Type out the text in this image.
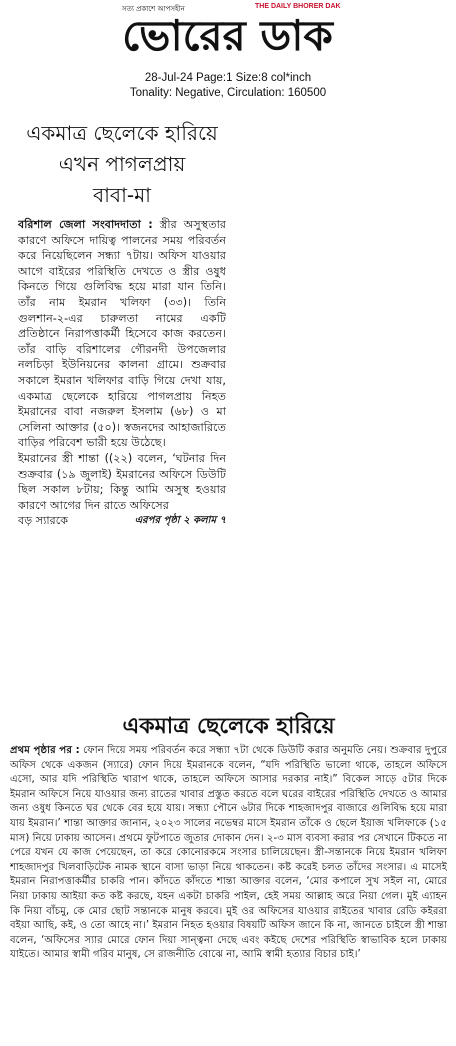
সত্য প্রকাশে আপসহীন	THE DAILY BHORER DAK
ভোরের ডাক
28-Jul-24 Page:1 Size:8 col*inch
Tonality: Negative, Circulation: 160500
একমাত্র ছেলেকে হারিয়ে
এখন পাগলপ্রায়
বাবা-মা

বরিশাল জেলা সংবাদদাতা : স্ত্রীর অসুস্থতার কারণে অফিসে দায়িত্ব পালনের সময় পরিবর্তন করে নিয়েছিলেন সন্ধ্যা ৭টায়। অফিস যাওয়ার আগে বাইরের পরিস্থিতি দেখতে ও স্ত্রীর ওষুধ কিনতে গিয়ে গুলিবিদ্ধ হয়ে মারা যান তিনি। তাঁর নাম ইমরান খলিফা (৩৩)। তিনি গুলশান-২-এর চারুলতা নামের একটি প্রতিষ্ঠানে নিরাপত্তাকর্মী হিসেবে কাজ করতেন। তাঁর বাড়ি বরিশালের গৌরনদী উপজেলার নলচিড়া ইউনিয়নের কালনা গ্রামে। শুক্রবার সকালে ইমরান খলিফার বাড়ি গিয়ে দেখা যায়, একমাত্র ছেলেকে হারিয়ে পাগলপ্রায় নিহত ইমরানের বাবা নজরুল ইসলাম (৬৮) ও মা সেলিনা আক্তার (৫০)। স্বজনদের আহাজারিতে বাড়ির পরিবেশ ভারী হয়ে উঠেছে।

ইমরানের স্ত্রী শান্তা ((২২) বলেন, ‘ঘটনার দিন শুক্রবার (১৯ জুলাই) ইমরানের অফিসে ডিউটি ছিল সকাল ৮টায়; কিন্তু আমি অসুস্থ হওয়ার কারণে আগের দিন রাতে অফিসের

বড় স্যারকে	এরপর পৃষ্ঠা ২ কলাম ৭
একমাত্র ছেলেকে হারিয়ে
প্রথম পৃষ্ঠার পর : ফোন দিয়ে সময় পরিবর্তন করে সন্ধ্যা ৭টা থেকে ডিউটি করার অনুমতি নেয়। শুক্রবার দুপুরে অফিস থেকে একজন (স্যারে) ফোন দিয়ে ইমরানকে বলেন, “যদি পরিস্থিতি ভালো থাকে, তাহলে অফিসে এসো, আর যদি পরিস্থিতি খারাপ থাকে, তাহলে অফিসে আসার দরকার নাই।” বিকেল সাড়ে ৫টার দিকে ইমরান অফিসে নিয়ে যাওয়ার জন্য রাতের খাবার প্রস্তুত করতে বলে ঘরের বাইরের পরিস্থিতি দেখতে ও আমার জন্য ওষুধ কিনতে ঘর থেকে বের হয়ে যায়। সন্ধ্যা পৌনে ৬টার দিকে শাহজাদপুর বাজারে গুলিবিদ্ধ হয়ে মারা যায় ইমরান।’ শান্তা আক্তার জানান, ২০২৩ সালের নভেম্বর মাসে ইমরান তাঁকে ও ছেলে ইয়াজ খলিফাকে (১৫ মাস) নিয়ে ঢাকায় আসেন। প্রথমে ফুটপাতে জুতার দোকান দেন। ২-৩ মাস ব্যবসা করার পর সেখানে টিকতে না পেরে যখন যে কাজ পেয়েছেন, তা করে কোনোরকমে সংসার চালিয়েছেন। স্ত্রী-সন্তানকে নিয়ে ইমরান খলিফা শাহজাদপুর খিলবাড়িটেক নামক স্থানে বাসা ভাড়া নিয়ে থাকতেন। কষ্ট করেই চলত তাঁদের সংসার। এ মাসেই ইমরান নিরাপত্তাকর্মীর চাকরি পান। কাঁদতে কাঁদতে শান্তা আক্তার বলেন, ‘মোর কপালে সুখ সইল না, মোরে নিয়া ঢাকায় আইয়া কত কষ্ট করছে, যহন একটা চাকরি পাইল, হেই সময় আল্লাহ অরে নিয়া গেল। মুই এ্যাহন কি নিয়া বাঁচমু, কে মোর ছোট সন্তানকে মানুষ করবে। মুই ওর অফিসের যাওয়ার রাইতের খাবার রেডি কইররা বইয়া আছি, কই, ও তো আহে না।’ ইমরান নিহত হওয়ার বিষয়টি অফিস জানে কি না, জানতে চাইলে স্ত্রী শান্তা বলেন, ‘অফিসের স্যার মোরে ফোন দিয়া সান্ত্বনা দেছে এবং কইছে দেশের পরিস্থিতি স্বাভাবিক হলে ঢাকায় যাইতে। আমার স্বামী গরিব মানুষ, সে রাজনীতি বোঝে না, আমি স্বামী হত্যার বিচার চাই।’
